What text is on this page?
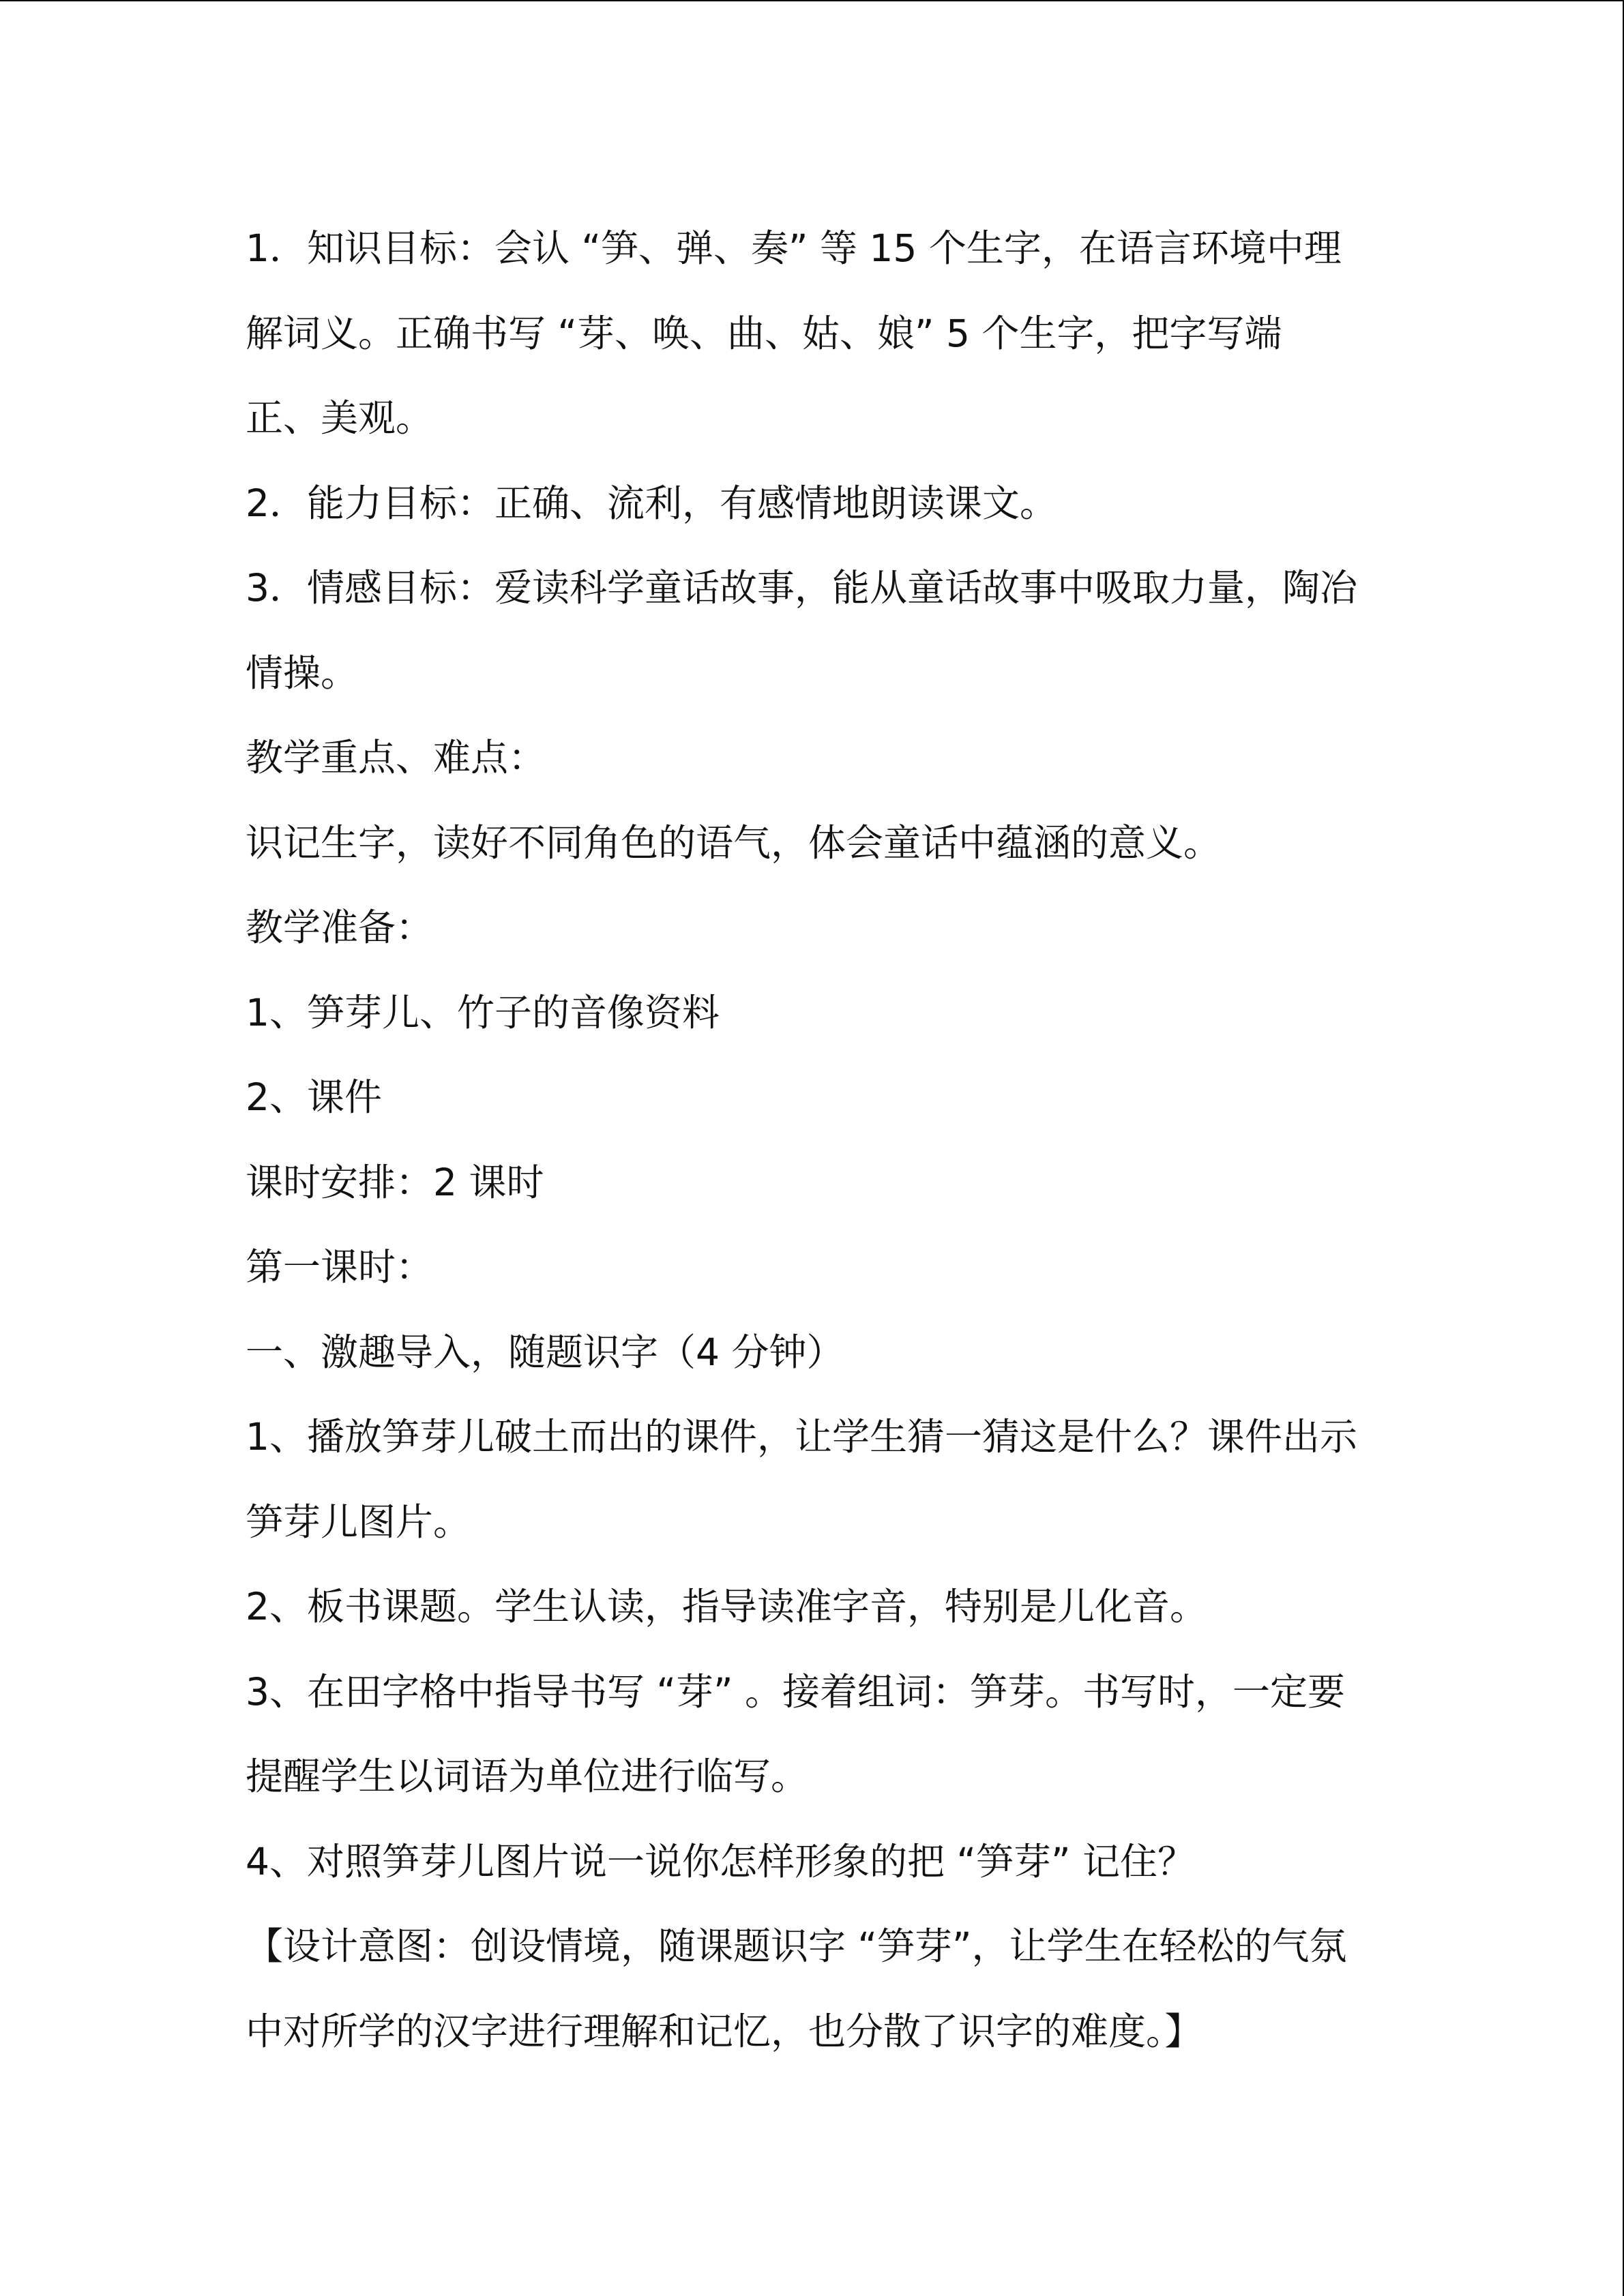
1．知识目标：会认 “笋、弹、奏” 等 15 个生字，在语言环境中理
解词义。正确书写 “芽、唤、曲、姑、娘” 5 个生字，把字写端
正、美观。
2．能力目标：正确、流利，有感情地朗读课文。
3．情感目标：爱读科学童话故事，能从童话故事中吸取力量，陶冶
情操。
教学重点、难点：
识记生字，读好不同角色的语气，体会童话中蕴涵的意义。
教学准备：
1、笋芽儿、竹子的音像资料
2、课件
课时安排：2 课时
第一课时：
一、激趣导入，随题识字（4 分钟）
1、播放笋芽儿破土而出的课件，让学生猜一猜这是什么？课件出示
笋芽儿图片。
2、板书课题。学生认读，指导读准字音，特别是儿化音。
3、在田字格中指导书写 “芽” 。接着组词：笋芽。书写时，一定要
提醒学生以词语为单位进行临写。
4、对照笋芽儿图片说一说你怎样形象的把 “笋芽” 记住？
【设计意图：创设情境，随课题识字 “笋芽”，让学生在轻松的气氛
中对所学的汉字进行理解和记忆，也分散了识字的难度。】
